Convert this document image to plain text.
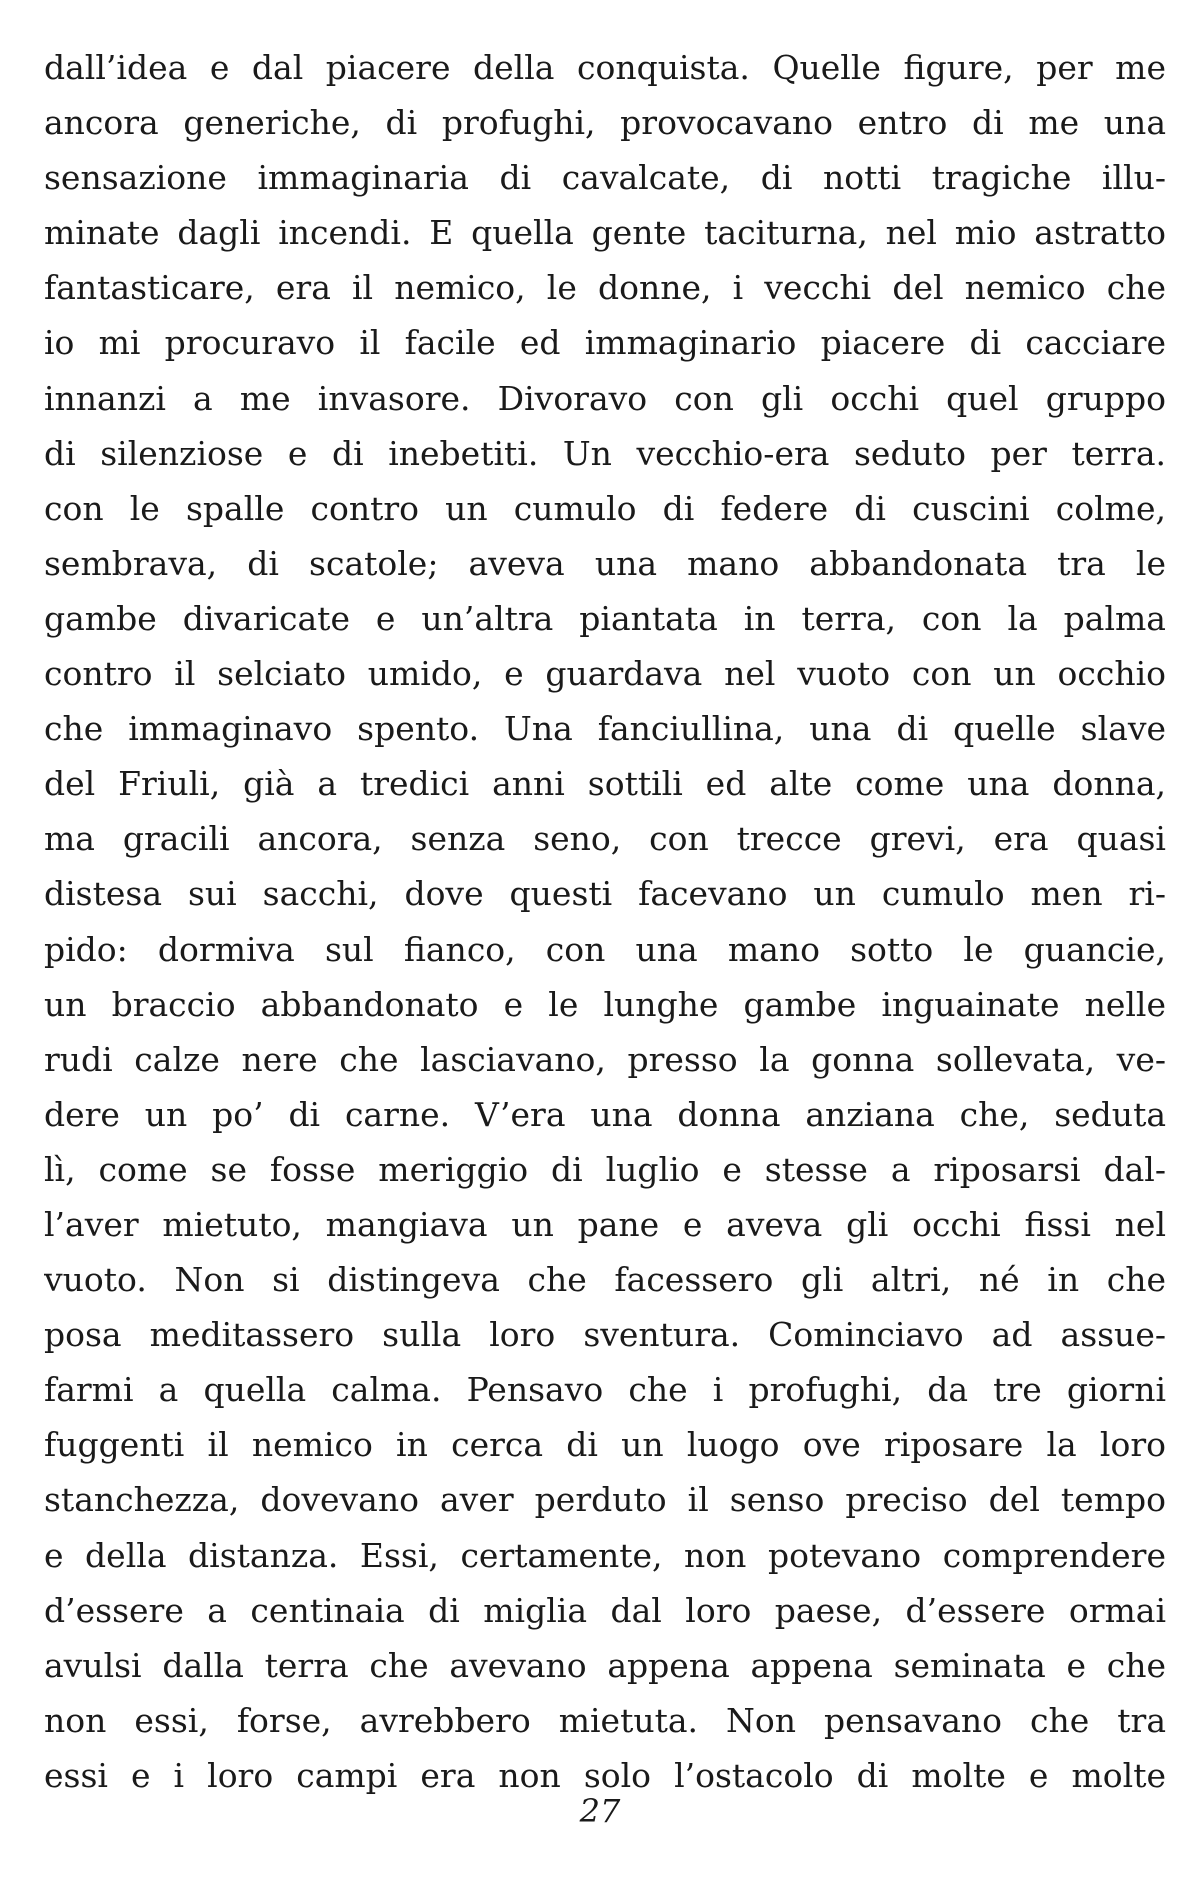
dall’idea e dal piacere della conquista. Quelle figure, per me
ancora generiche, di profughi, provocavano entro di me una
sensazione immaginaria di cavalcate, di notti tragiche illu-
minate dagli incendi. E quella gente taciturna, nel mio astratto
fantasticare, era il nemico, le donne, i vecchi del nemico che
io mi procuravo il facile ed immaginario piacere di cacciare
innanzi a me invasore. Divoravo con gli occhi quel gruppo
di silenziose e di inebetiti. Un vecchio-era seduto per terra.
con le spalle contro un cumulo di federe di cuscini colme,
sembrava, di scatole; aveva una mano abbandonata tra le
gambe divaricate e un’altra piantata in terra, con la palma
contro il selciato umido, e guardava nel vuoto con un occhio
che immaginavo spento. Una fanciullina, una di quelle slave
del Friuli, già a tredici anni sottili ed alte come una donna,
ma gracili ancora, senza seno, con trecce grevi, era quasi
distesa sui sacchi, dove questi facevano un cumulo men ri-
pido: dormiva sul fianco, con una mano sotto le guancie,
un braccio abbandonato e le lunghe gambe inguainate nelle
rudi calze nere che lasciavano, presso la gonna sollevata, ve-
dere un po’ di carne. V’era una donna anziana che, seduta
lì, come se fosse meriggio di luglio e stesse a riposarsi dal-
l’aver mietuto, mangiava un pane e aveva gli occhi fissi nel
vuoto. Non si distingeva che facessero gli altri, né in che
posa meditassero sulla loro sventura. Cominciavo ad assue-
farmi a quella calma. Pensavo che i profughi, da tre giorni
fuggenti il nemico in cerca di un luogo ove riposare la loro
stanchezza, dovevano aver perduto il senso preciso del tempo
e della distanza. Essi, certamente, non potevano comprendere
d’essere a centinaia di miglia dal loro paese, d’essere ormai
avulsi dalla terra che avevano appena appena seminata e che
non essi, forse, avrebbero mietuta. Non pensavano che tra
essi e i loro campi era non solo l’ostacolo di molte e molte
27
